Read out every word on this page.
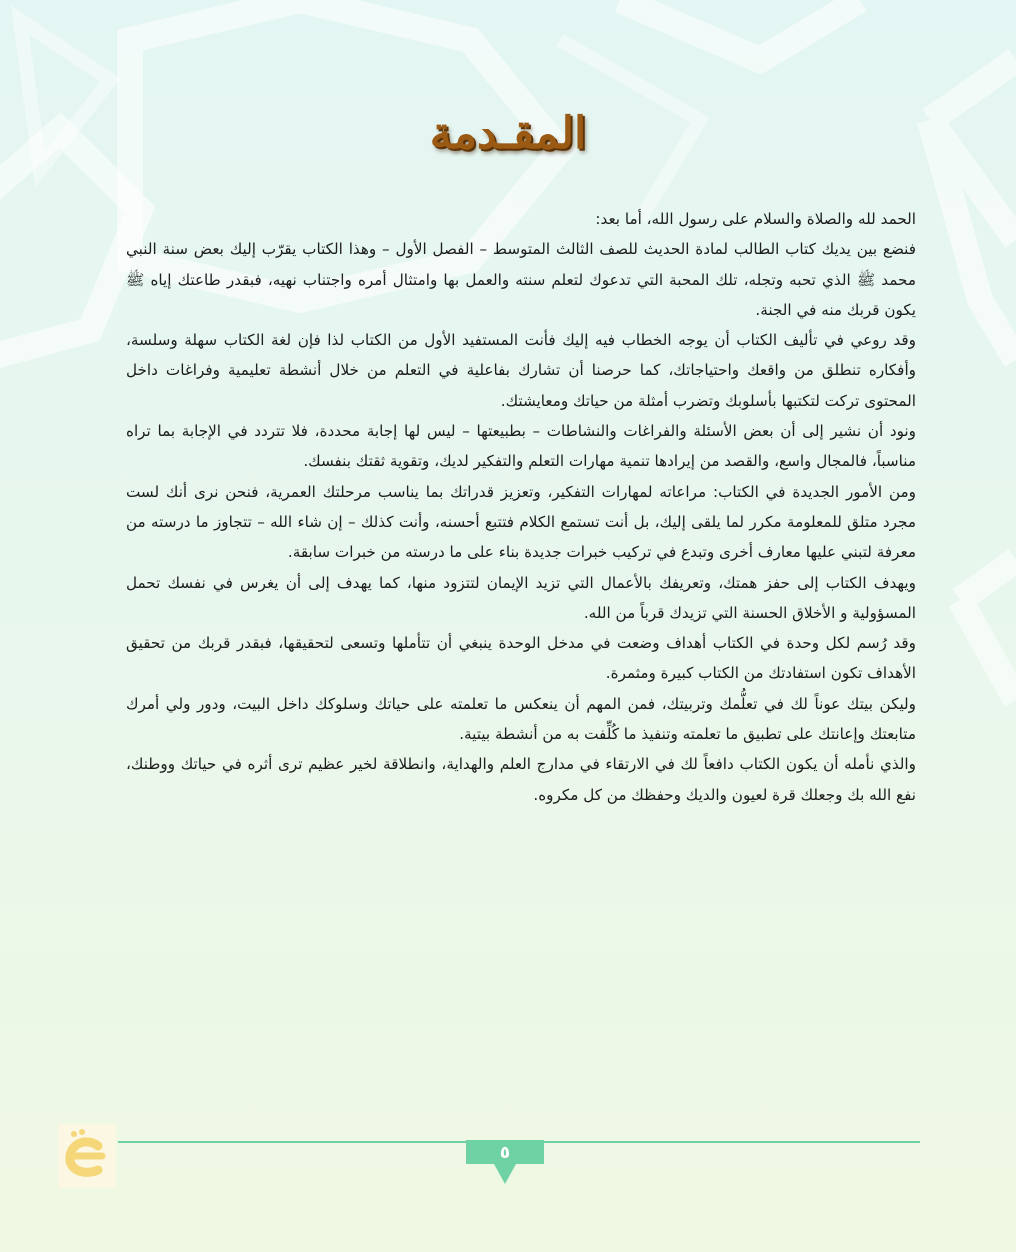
المقـدمة

الحمد لله والصلاة والسلام على رسول الله، أما بعد:

فنضع بين يديك كتاب الطالب لمادة الحديث للصف الثالث المتوسط – الفصل الأول – وهذا الكتاب يقرّب إليك بعض سنة النبي محمد ﷺ الذي تحبه وتجله، تلك المحبة التي تدعوك لتعلم سنته والعمل بها وامتثال أمره واجتناب نهيه، فبقدر طاعتك إياه ﷺ يكون قربك منه في الجنة.

وقد روعي في تأليف الكتاب أن يوجه الخطاب فيه إليك فأنت المستفيد الأول من الكتاب لذا فإن لغة الكتاب سهلة وسلسة، وأفكاره تنطلق من واقعك واحتياجاتك، كما حرصنا أن تشارك بفاعلية في التعلم من خلال أنشطة تعليمية وفراغات داخل المحتوى تركت لتكتبها بأسلوبك وتضرب أمثلة من حياتك ومعايشتك.

ونود أن نشير إلى أن بعض الأسئلة والفراغات والنشاطات – بطبيعتها – ليس لها إجابة محددة، فلا تتردد في الإجابة بما تراه مناسباً، فالمجال واسع، والقصد من إيرادها تنمية مهارات التعلم والتفكير لديك، وتقوية ثقتك بنفسك.

ومن الأمور الجديدة في الكتاب: مراعاته لمهارات التفكير، وتعزيز قدراتك بما يناسب مرحلتك العمرية، فنحن نرى أنك لست مجرد متلق للمعلومة مكرر لما يلقى إليك، بل أنت تستمع الكلام فتتبع أحسنه، وأنت كذلك – إن شاء الله – تتجاوز ما درسته من معرفة لتبني عليها معارف أخرى وتبدع في تركيب خبرات جديدة بناء على ما درسته من خبرات سابقة.

ويهدف الكتاب إلى حفز همتك، وتعريفك بالأعمال التي تزيد الإيمان لتتزود منها، كما يهدف إلى أن يغرس في نفسك تحمل المسؤولية و الأخلاق الحسنة التي تزيدك قرباً من الله.

وقد رُسم لكل وحدة في الكتاب أهداف وضعت في مدخل الوحدة ينبغي أن تتأملها وتسعى لتحقيقها، فبقدر قربك من تحقيق الأهداف تكون استفادتك من الكتاب كبيرة ومثمرة.

وليكن بيتك عوناً لك في تعلُّمك وتربيتك، فمن المهم أن ينعكس ما تعلمته على حياتك وسلوكك داخل البيت، ودور ولي أمرك متابعتك وإعانتك على تطبيق ما تعلمته وتنفيذ ما كُلِّفت به من أنشطة بيتية.

والذي نأمله أن يكون الكتاب دافعاً لك في الارتقاء في مدارج العلم والهداية، وانطلاقة لخير عظيم ترى أثره في حياتك ووطنك، نفع الله بك وجعلك قرة لعيون والديك وحفظك من كل مكروه.

٥
